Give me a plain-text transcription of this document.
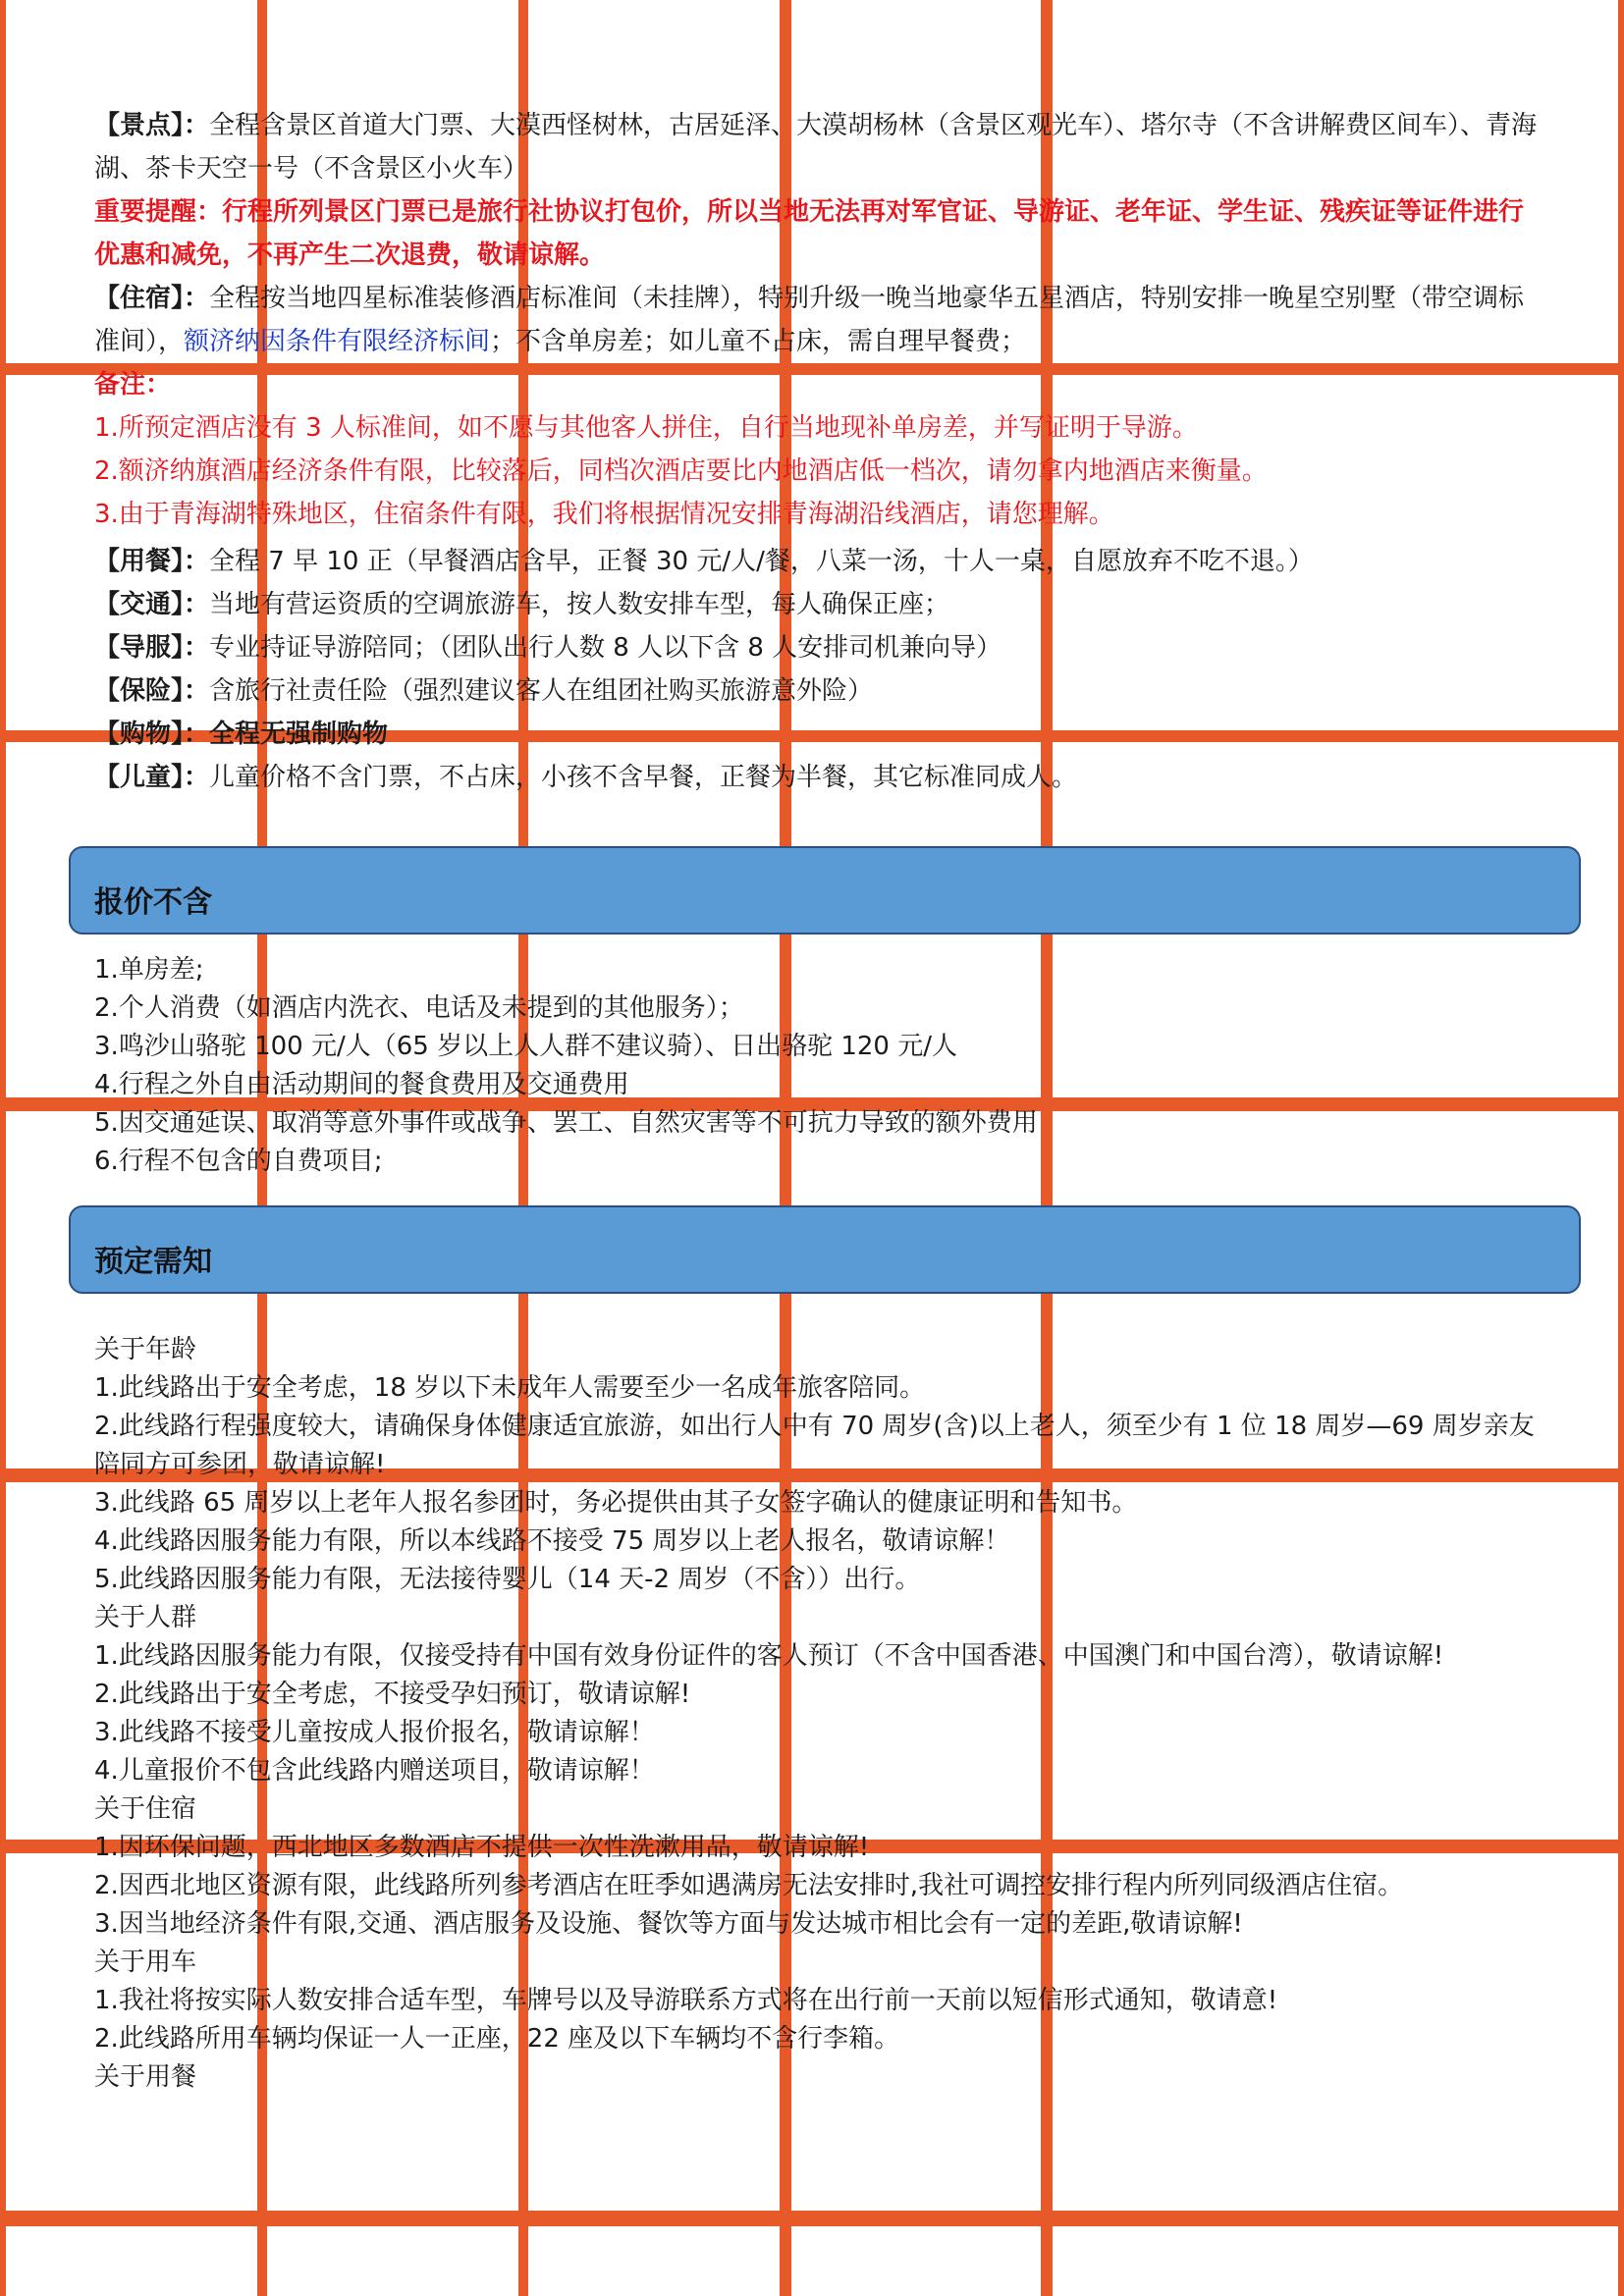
【景点】：全程含景区首道大门票、大漠西怪树林，古居延泽、大漠胡杨林（含景区观光车）、塔尔寺（不含讲解费区间车）、青海湖、茶卡天空一号（不含景区小火车）
重要提醒：行程所列景区门票已是旅行社协议打包价，所以当地无法再对军官证、导游证、老年证、学生证、残疾证等证件进行优惠和减免，不再产生二次退费，敬请谅解。
【住宿】：全程按当地四星标准装修酒店标准间（未挂牌），特别升级一晚当地豪华五星酒店，特别安排一晚星空别墅（带空调标准间），额济纳因条件有限经济标间；不含单房差；如儿童不占床，需自理早餐费；
备注：
1.所预定酒店没有 3 人标准间，如不愿与其他客人拼住，自行当地现补单房差，并写证明于导游。
2.额济纳旗酒店经济条件有限，比较落后，同档次酒店要比内地酒店低一档次，请勿拿内地酒店来衡量。
3.由于青海湖特殊地区，住宿条件有限，我们将根据情况安排青海湖沿线酒店，请您理解。
【用餐】：全程 7 早 10 正（早餐酒店含早，正餐 30 元/人/餐，八菜一汤，十人一桌，自愿放弃不吃不退。）
【交通】：当地有营运资质的空调旅游车，按人数安排车型，每人确保正座；
【导服】：专业持证导游陪同；（团队出行人数 8 人以下含 8 人安排司机兼向导）
【保险】：含旅行社责任险（强烈建议客人在组团社购买旅游意外险）
【购物】：全程无强制购物
【儿童】：儿童价格不含门票，不占床，小孩不含早餐，正餐为半餐，其它标准同成人。
报价不含
1.单房差;
2.个人消费（如酒店内洗衣、电话及未提到的其他服务）；
3.鸣沙山骆驼 100 元/人（65 岁以上人人群不建议骑）、日出骆驼 120 元/人
4.行程之外自由活动期间的餐食费用及交通费用
5.因交通延误、取消等意外事件或战争、罢工、自然灾害等不可抗力导致的额外费用
6.行程不包含的自费项目;
预定需知
关于年龄
1.此线路出于安全考虑，18 岁以下未成年人需要至少一名成年旅客陪同。
2.此线路行程强度较大，请确保身体健康适宜旅游，如出行人中有 70 周岁(含)以上老人，须至少有 1 位 18 周岁—69 周岁亲友陪同方可参团，敬请谅解!
3.此线路 65 周岁以上老年人报名参团时，务必提供由其子女签字确认的健康证明和告知书。
4.此线路因服务能力有限，所以本线路不接受 75 周岁以上老人报名，敬请谅解！
5.此线路因服务能力有限，无法接待婴儿（14 天-2 周岁（不含））出行。
关于人群
1.此线路因服务能力有限，仅接受持有中国有效身份证件的客人预订（不含中国香港、中国澳门和中国台湾），敬请谅解!
2.此线路出于安全考虑，不接受孕妇预订，敬请谅解!
3.此线路不接受儿童按成人报价报名，敬请谅解！
4.儿童报价不包含此线路内赠送项目，敬请谅解！
关于住宿
1.因环保问题，西北地区多数酒店不提供一次性洗漱用品，敬请谅解!
2.因西北地区资源有限，此线路所列参考酒店在旺季如遇满房无法安排时,我社可调控安排行程内所列同级酒店住宿。
3.因当地经济条件有限,交通、酒店服务及设施、餐饮等方面与发达城市相比会有一定的差距,敬请谅解!
关于用车
1.我社将按实际人数安排合适车型，车牌号以及导游联系方式将在出行前一天前以短信形式通知，敬请意!
2.此线路所用车辆均保证一人一正座，22 座及以下车辆均不含行李箱。
关于用餐
